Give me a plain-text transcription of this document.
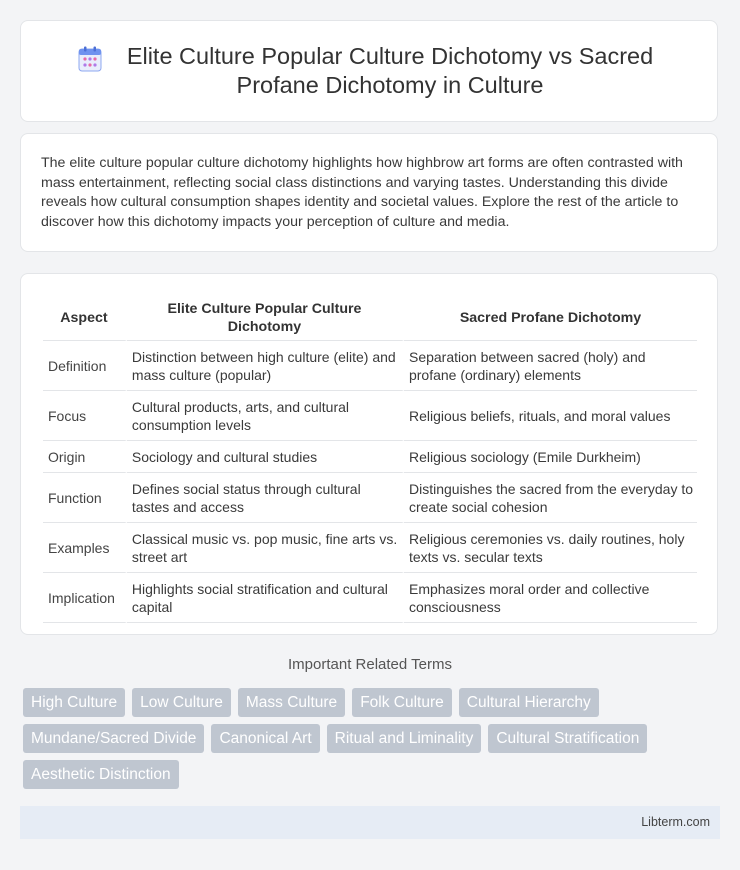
Elite Culture Popular Culture Dichotomy vs Sacred Profane Dichotomy in Culture
The elite culture popular culture dichotomy highlights how highbrow art forms are often contrasted with mass entertainment, reflecting social class distinctions and varying tastes. Understanding this divide reveals how cultural consumption shapes identity and societal values. Explore the rest of the article to discover how this dichotomy impacts your perception of culture and media.
Aspect	Elite Culture Popular Culture Dichotomy	Sacred Profane Dichotomy
Definition	Distinction between high culture (elite) and mass culture (popular)	Separation between sacred (holy) and profane (ordinary) elements
Focus	Cultural products, arts, and cultural consumption levels	Religious beliefs, rituals, and moral values
Origin	Sociology and cultural studies	Religious sociology (Emile Durkheim)
Function	Defines social status through cultural tastes and access	Distinguishes the sacred from the everyday to create social cohesion
Examples	Classical music vs. pop music, fine arts vs. street art	Religious ceremonies vs. daily routines, holy texts vs. secular texts
Implication	Highlights social stratification and cultural capital	Emphasizes moral order and collective consciousness
Important Related Terms
High Culture	Low Culture	Mass Culture	Folk Culture	Cultural Hierarchy
Mundane/Sacred Divide	Canonical Art	Ritual and Liminality	Cultural Stratification
Aesthetic Distinction
Libterm.com
